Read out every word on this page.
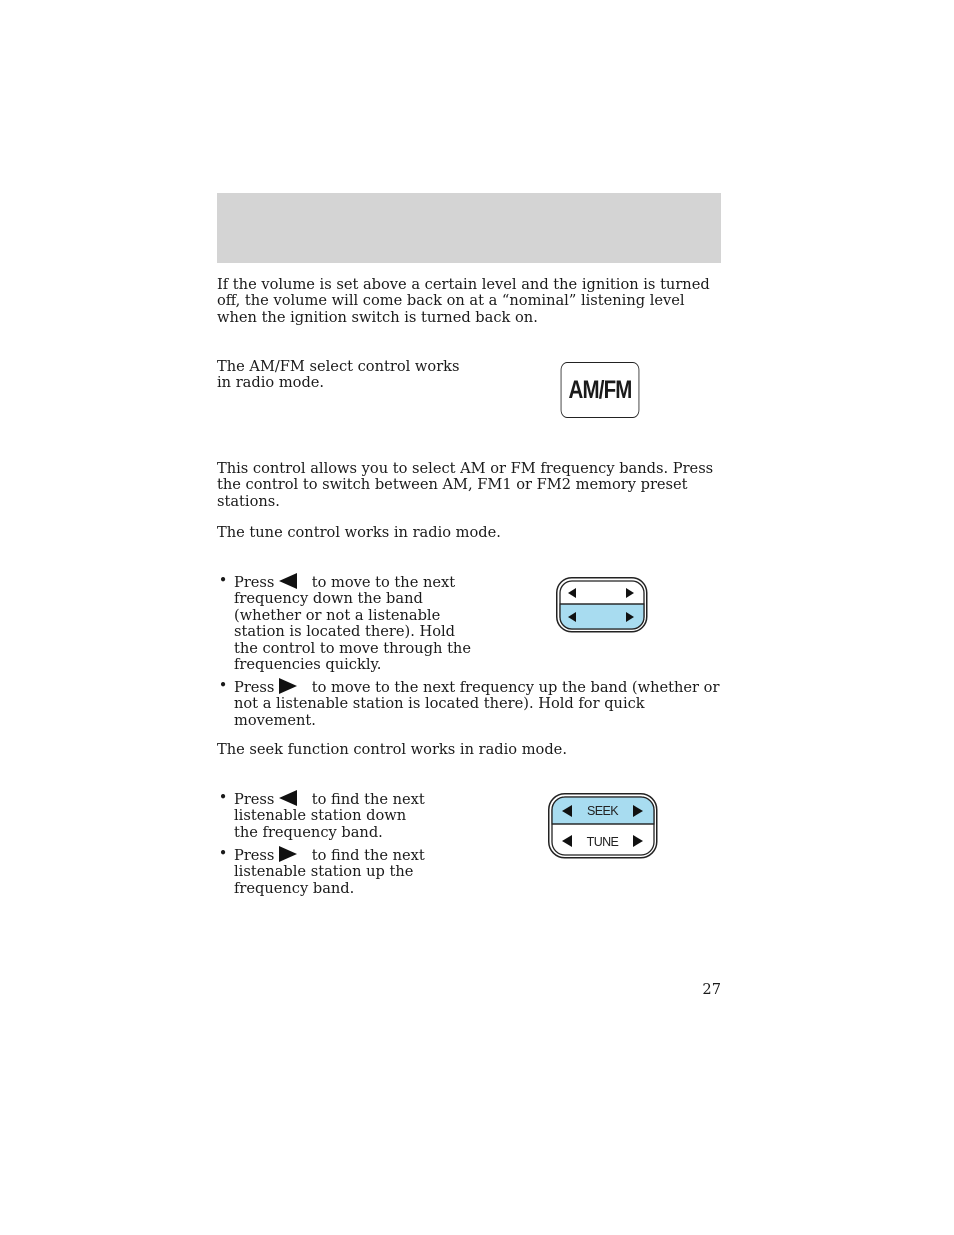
If the volume is set above a certain level and the ignition is turned off, the volume will come back on at a “nominal” listening level when the ignition switch is turned back on.

The AM/FM select control works in radio mode.	AM/FM

This control allows you to select AM or FM frequency bands. Press the control to switch between AM, FM1 or FM2 memory preset stations.

The tune control works in radio mode.

• Press	to move to the next frequency down the band (whether or not a listenable station is located there). Hold the control to move through the frequencies quickly.
• Press	to move to the next frequency up the band (whether or not a listenable station is located there). Hold for quick movement.

The seek function control works in radio mode.

• Press	to find the next listenable station down the frequency band.
• Press	to find the next listenable station up the frequency band.
SEEK
TUNE
27
